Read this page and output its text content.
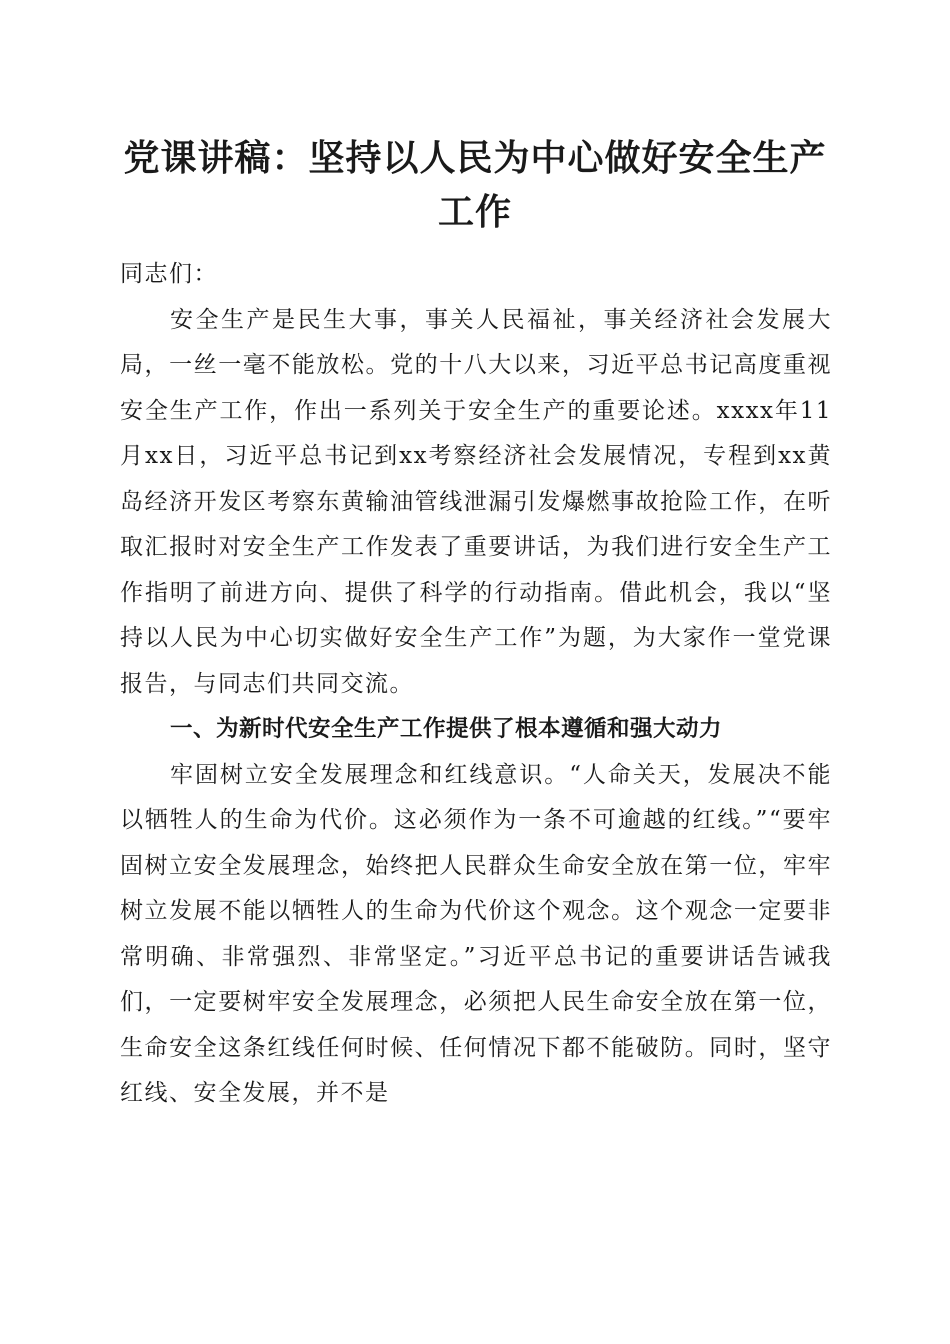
党课讲稿：坚持以人民为中心做好安全生产工作

同志们：

安全生产是民生大事，事关人民福祉，事关经济社会发展大局，一丝一毫不能放松。党的十八大以来，习近平总书记高度重视安全生产工作，作出一系列关于安全生产的重要论述。xxxx年11月xx日，习近平总书记到xx考察经济社会发展情况，专程到xx黄岛经济开发区考察东黄输油管线泄漏引发爆燃事故抢险工作，在听取汇报时对安全生产工作发表了重要讲话，为我们进行安全生产工作指明了前进方向、提供了科学的行动指南。借此机会，我以“坚持以人民为中心切实做好安全生产工作”为题，为大家作一堂党课报告，与同志们共同交流。

一、为新时代安全生产工作提供了根本遵循和强大动力

牢固树立安全发展理念和红线意识。“人命关天，发展决不能以牺牲人的生命为代价。这必须作为一条不可逾越的红线。”“要牢固树立安全发展理念，始终把人民群众生命安全放在第一位，牢牢树立发展不能以牺牲人的生命为代价这个观念。这个观念一定要非常明确、非常强烈、非常坚定。”习近平总书记的重要讲话告诫我们，一定要树牢安全发展理念，必须把人民生命安全放在第一位，生命安全这条红线任何时候、任何情况下都不能破防。同时，坚守红线、安全发展，并不是
